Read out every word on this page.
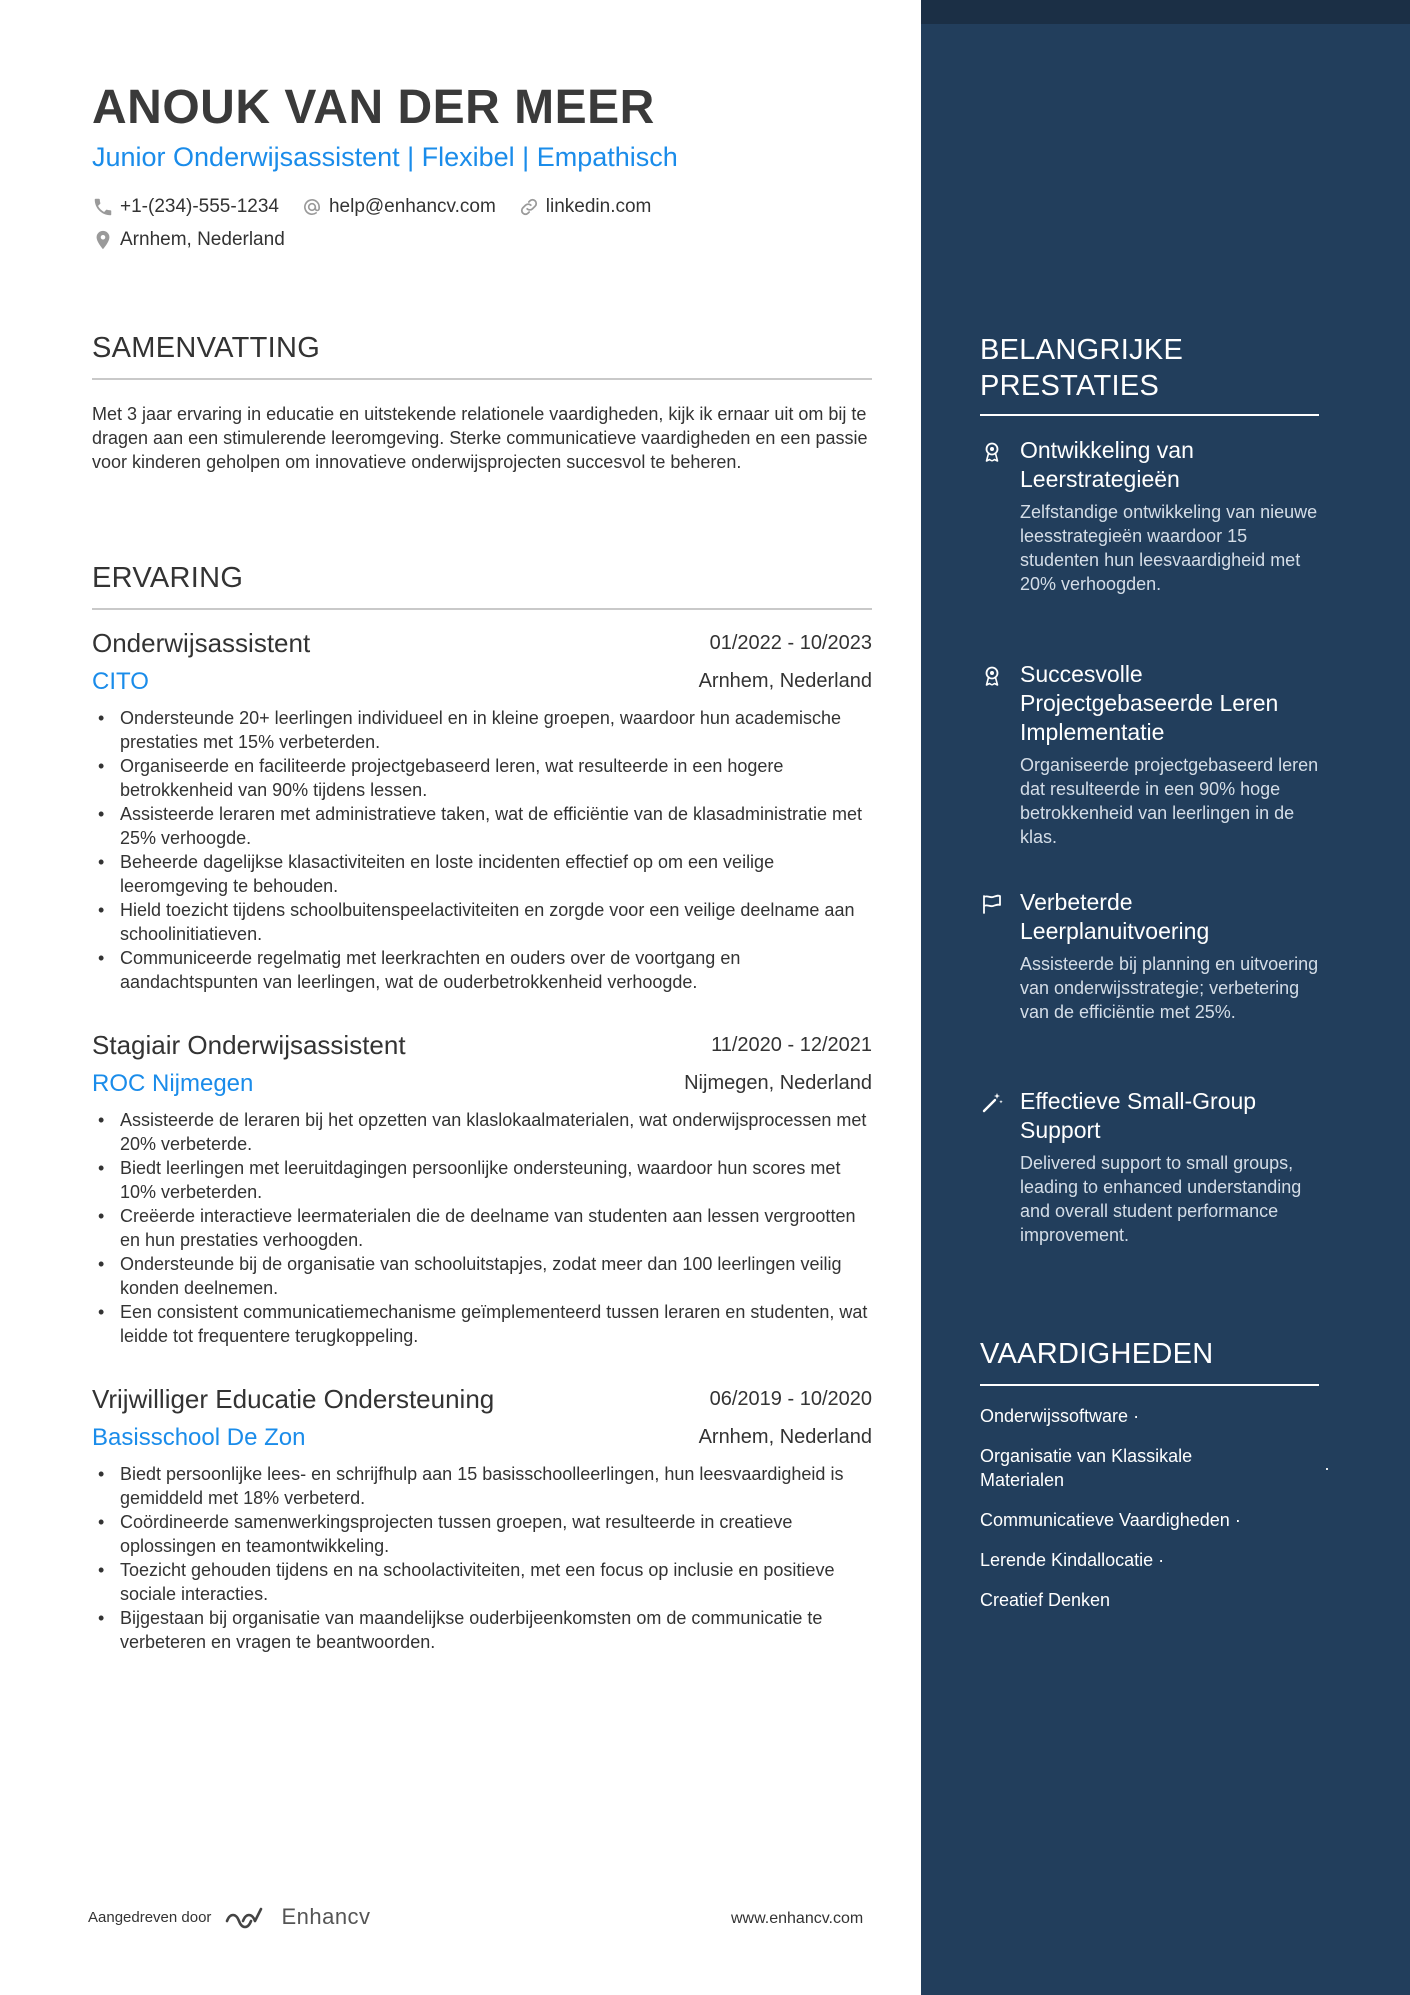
ANOUK VAN DER MEER
Junior Onderwijsassistent | Flexibel | Empathisch
+1-(234)-555-1234	help@enhancv.com	linkedin.com
Arnhem, Nederland
SAMENVATTING

Met 3 jaar ervaring in educatie en uitstekende relationele vaardigheden, kijk ik ernaar uit om bij te dragen aan een stimulerende leeromgeving. Sterke communicatieve vaardigheden en een passie voor kinderen geholpen om innovatieve onderwijsprojecten succesvol te beheren.

ERVARING
Onderwijsassistent	01/2022 - 10/2023
CITO	Arnhem, Nederland
• Ondersteunde 20+ leerlingen individueel en in kleine groepen, waardoor hun academische prestaties met 15% verbeterden.
• Organiseerde en faciliteerde projectgebaseerd leren, wat resulteerde in een hogere betrokkenheid van 90% tijdens lessen.
• Assisteerde leraren met administratieve taken, wat de efficiëntie van de klasadministratie met 25% verhoogde.
• Beheerde dagelijkse klasactiviteiten en loste incidenten effectief op om een veilige leeromgeving te behouden.
• Hield toezicht tijdens schoolbuitenspeelactiviteiten en zorgde voor een veilige deelname aan schoolinitiatieven.
• Communiceerde regelmatig met leerkrachten en ouders over de voortgang en aandachtspunten van leerlingen, wat de ouderbetrokkenheid verhoogde.
Stagiair Onderwijsassistent	11/2020 - 12/2021
ROC Nijmegen	Nijmegen, Nederland
• Assisteerde de leraren bij het opzetten van klaslokaalmaterialen, wat onderwijsprocessen met 20% verbeterde.
• Biedt leerlingen met leeruitdagingen persoonlijke ondersteuning, waardoor hun scores met 10% verbeterden.
• Creëerde interactieve leermaterialen die de deelname van studenten aan lessen vergrootten en hun prestaties verhoogden.
• Ondersteunde bij de organisatie van schooluitstapjes, zodat meer dan 100 leerlingen veilig konden deelnemen.
• Een consistent communicatiemechanisme geïmplementeerd tussen leraren en studenten, wat leidde tot frequentere terugkoppeling.
Vrijwilliger Educatie Ondersteuning	06/2019 - 10/2020
Basisschool De Zon	Arnhem, Nederland
• Biedt persoonlijke lees- en schrijfhulp aan 15 basisschoolleerlingen, hun leesvaardigheid is gemiddeld met 18% verbeterd.
• Coördineerde samenwerkingsprojecten tussen groepen, wat resulteerde in creatieve oplossingen en teamontwikkeling.
• Toezicht gehouden tijdens en na schoolactiviteiten, met een focus op inclusie en positieve sociale interacties.
• Bijgestaan bij organisatie van maandelijkse ouderbijeenkomsten om de communicatie te verbeteren en vragen te beantwoorden.
Aangedreven door	Enhancv	www.enhancv.com
BELANGRIJKE PRESTATIES
Ontwikkeling van Leerstrategieën

Zelfstandige ontwikkeling van nieuwe leesstrategieën waardoor 15 studenten hun leesvaardigheid met 20% verhoogden.

Succesvolle Projectgebaseerde Leren Implementatie

Organiseerde projectgebaseerd leren dat resulteerde in een 90% hoge betrokkenheid van leerlingen in de klas.

Verbeterde Leerplanuitvoering

Assisteerde bij planning en uitvoering van onderwijsstrategie; verbetering van de efficiëntie met 25%.

Effectieve Small-Group Support

Delivered support to small groups, leading to enhanced understanding and overall student performance improvement.

VAARDIGHEDEN
Onderwijssoftware ·
Organisatie van Klassikale Materialen
·
Communicatieve Vaardigheden ·
Lerende Kindallocatie ·
Creatief Denken
